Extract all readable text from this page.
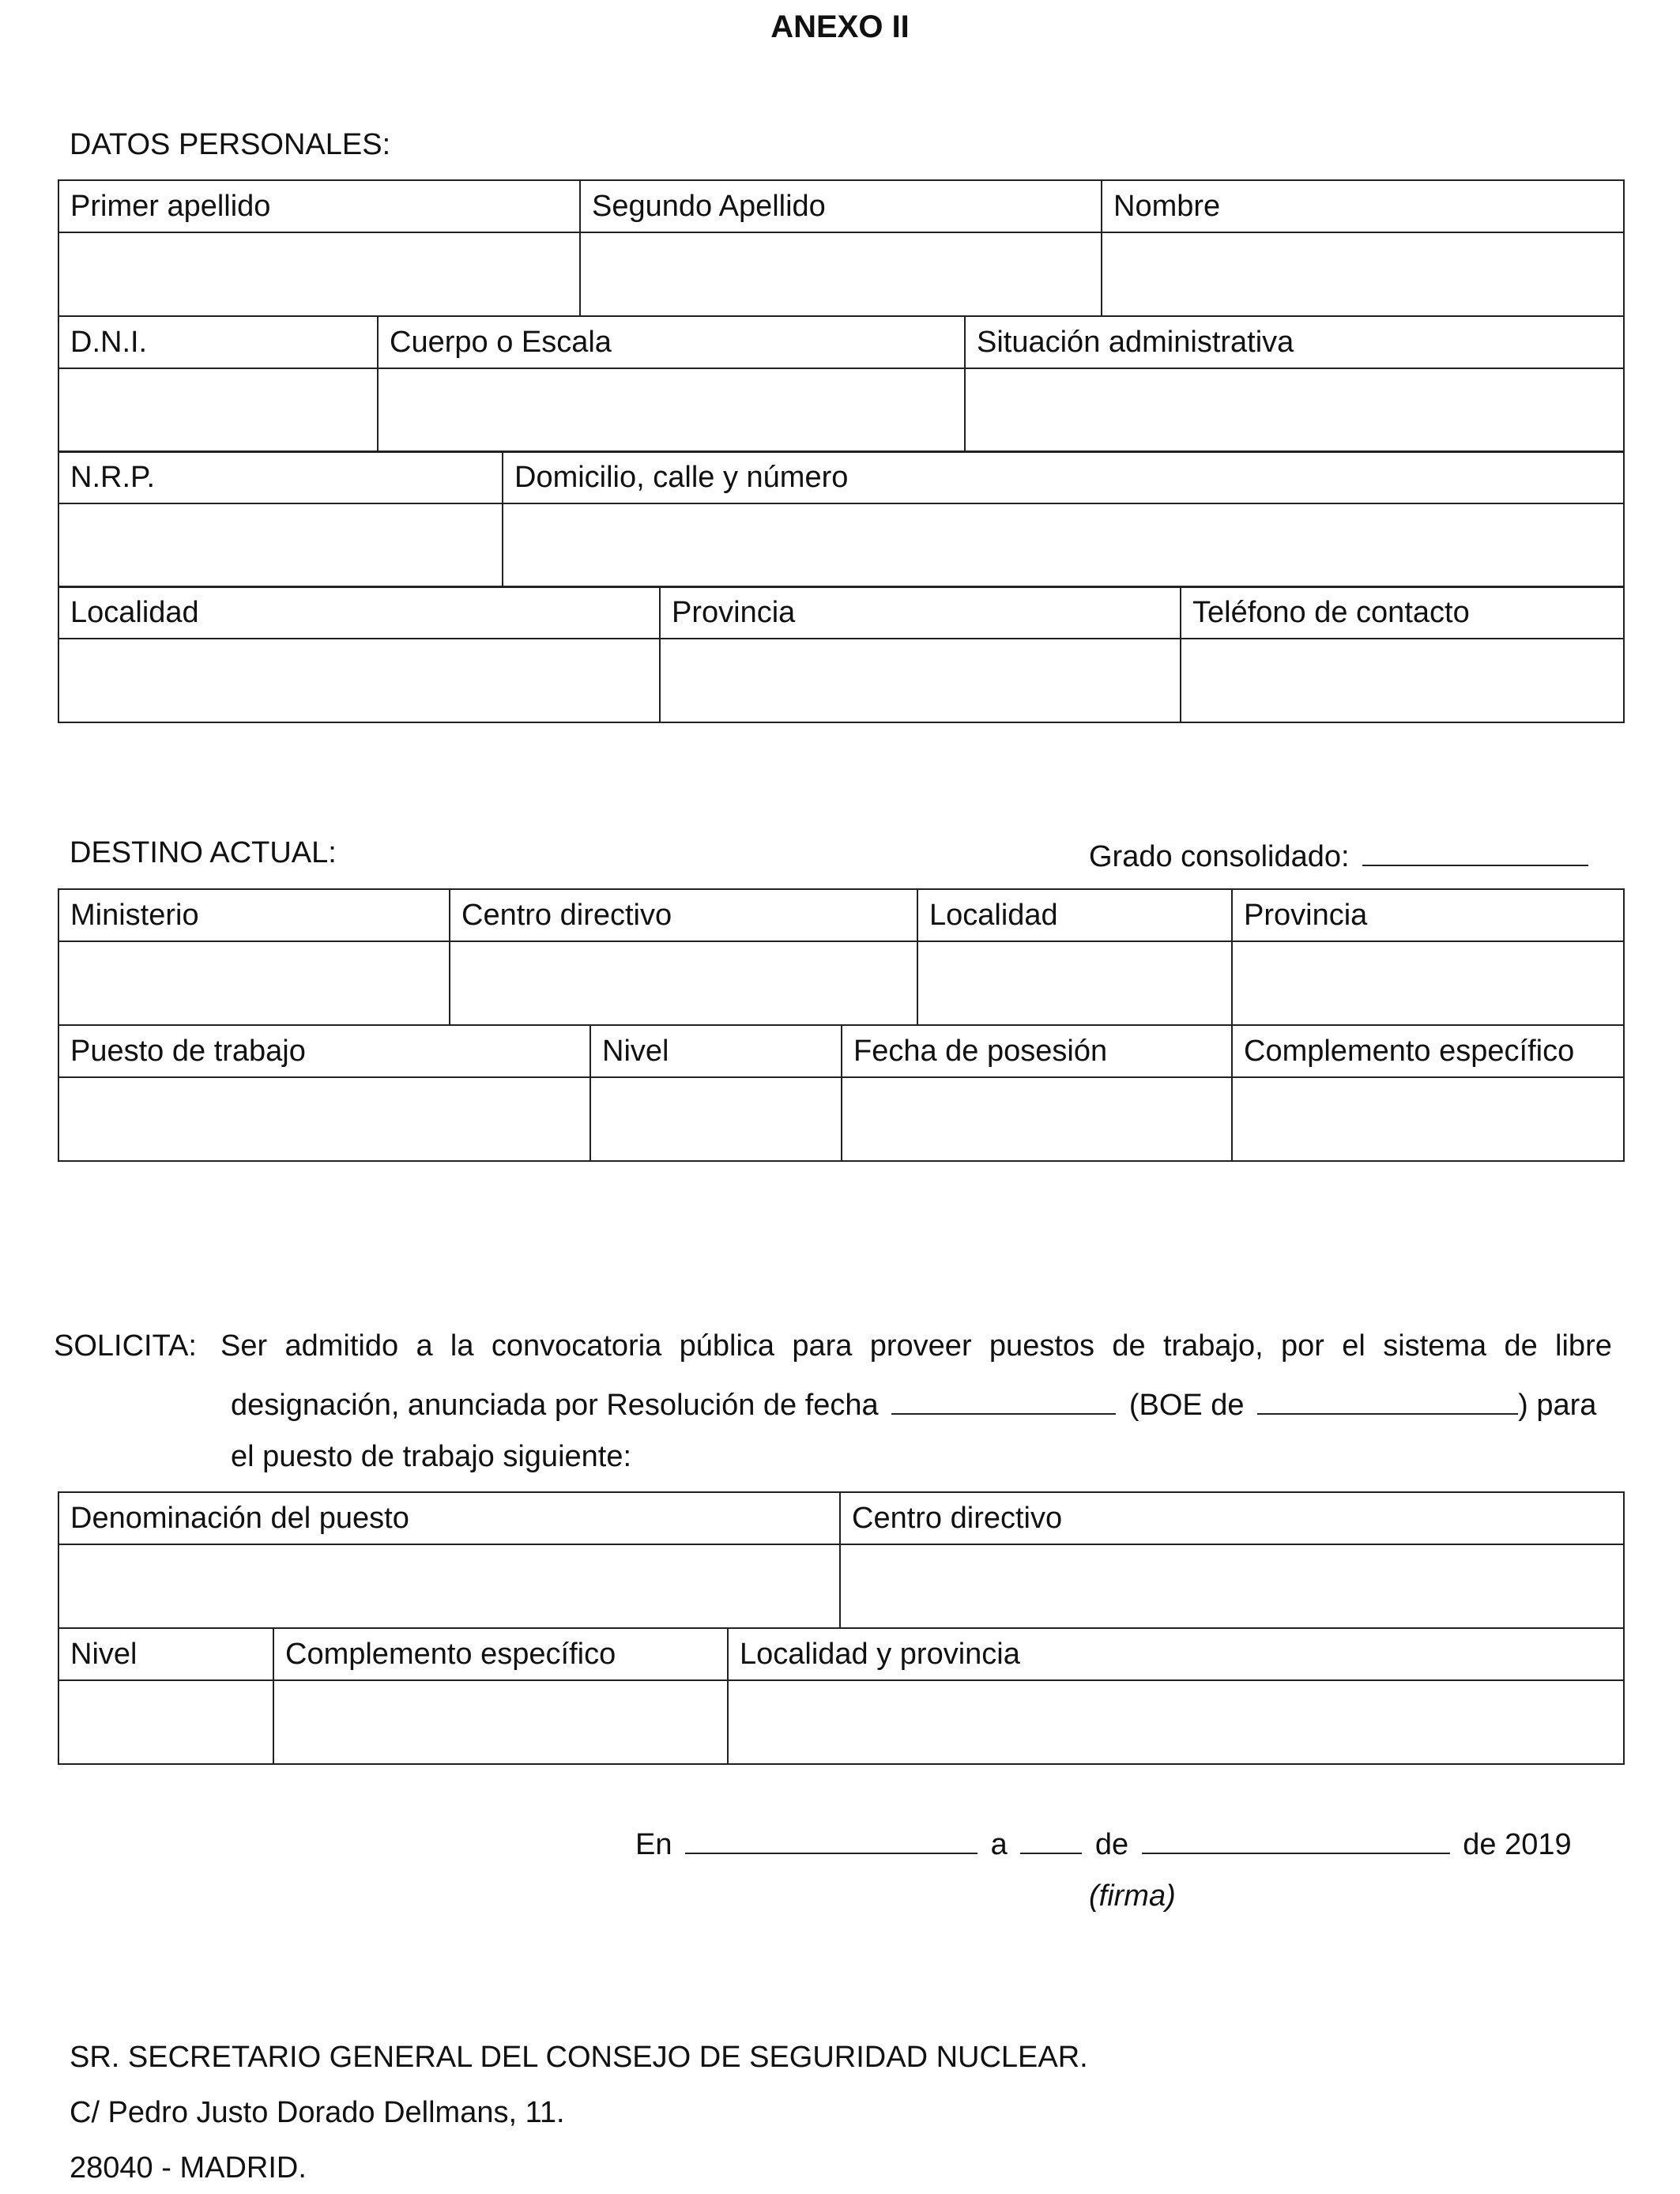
ANEXO II
DATOS PERSONALES:
Primer apellido	Segundo Apellido	Nombre

D.N.I.	Cuerpo o Escala	Situación administrativa

N.R.P.	Domicilio, calle y número

Localidad	Provincia	Teléfono de contacto

DESTINO ACTUAL:	Grado consolidado:
Ministerio	Centro directivo	Localidad	Provincia

Puesto de trabajo	Nivel	Fecha de posesión	Complemento específico

SOLICITA: Ser admitido a la convocatoria pública para proveer puestos de trabajo, por el sistema de libre
designación, anunciada por Resolución de fecha	(BOE de	) para
el puesto de trabajo siguiente:
Denominación del puesto	Centro directivo

Nivel	Complemento específico	Localidad y provincia

En	a	de	de 2019
(firma)
SR. SECRETARIO GENERAL DEL CONSEJO DE SEGURIDAD NUCLEAR.
C/ Pedro Justo Dorado Dellmans, 11.
28040 - MADRID.
